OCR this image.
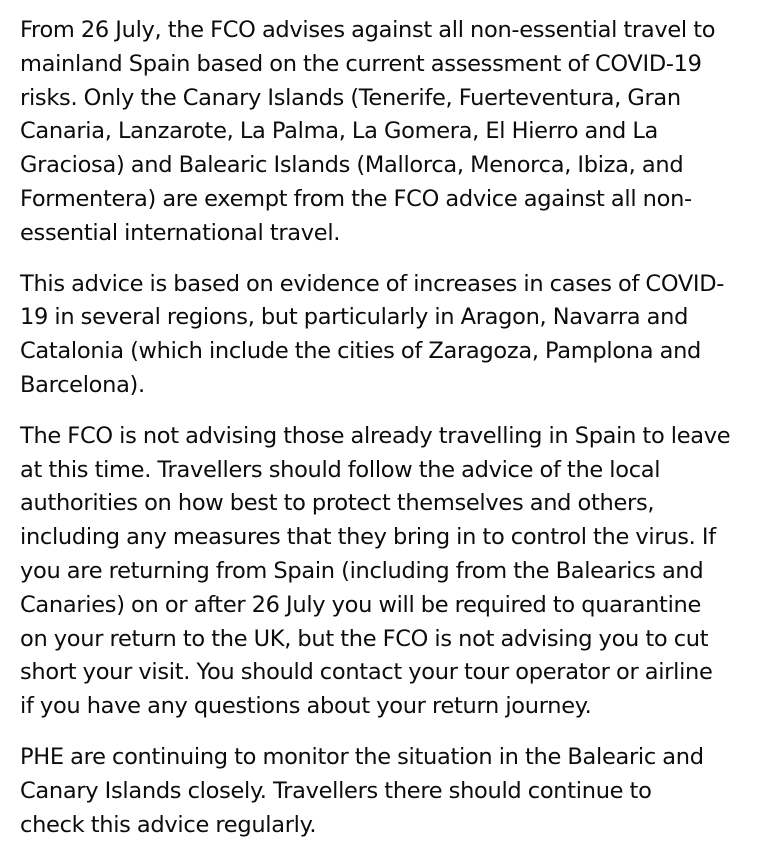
From 26 July, the FCO advises against all non-essential travel to
mainland Spain based on the current assessment of COVID-19
risks. Only the Canary Islands (Tenerife, Fuerteventura, Gran
Canaria, Lanzarote, La Palma, La Gomera, El Hierro and La
Graciosa) and Balearic Islands (Mallorca, Menorca, Ibiza, and
Formentera) are exempt from the FCO advice against all non-
essential international travel.

This advice is based on evidence of increases in cases of COVID-
19 in several regions, but particularly in Aragon, Navarra and
Catalonia (which include the cities of Zaragoza, Pamplona and
Barcelona).

The FCO is not advising those already travelling in Spain to leave
at this time. Travellers should follow the advice of the local
authorities on how best to protect themselves and others,
including any measures that they bring in to control the virus. If
you are returning from Spain (including from the Balearics and
Canaries) on or after 26 July you will be required to quarantine
on your return to the UK, but the FCO is not advising you to cut
short your visit. You should contact your tour operator or airline
if you have any questions about your return journey.

PHE are continuing to monitor the situation in the Balearic and
Canary Islands closely. Travellers there should continue to
check this advice regularly.
